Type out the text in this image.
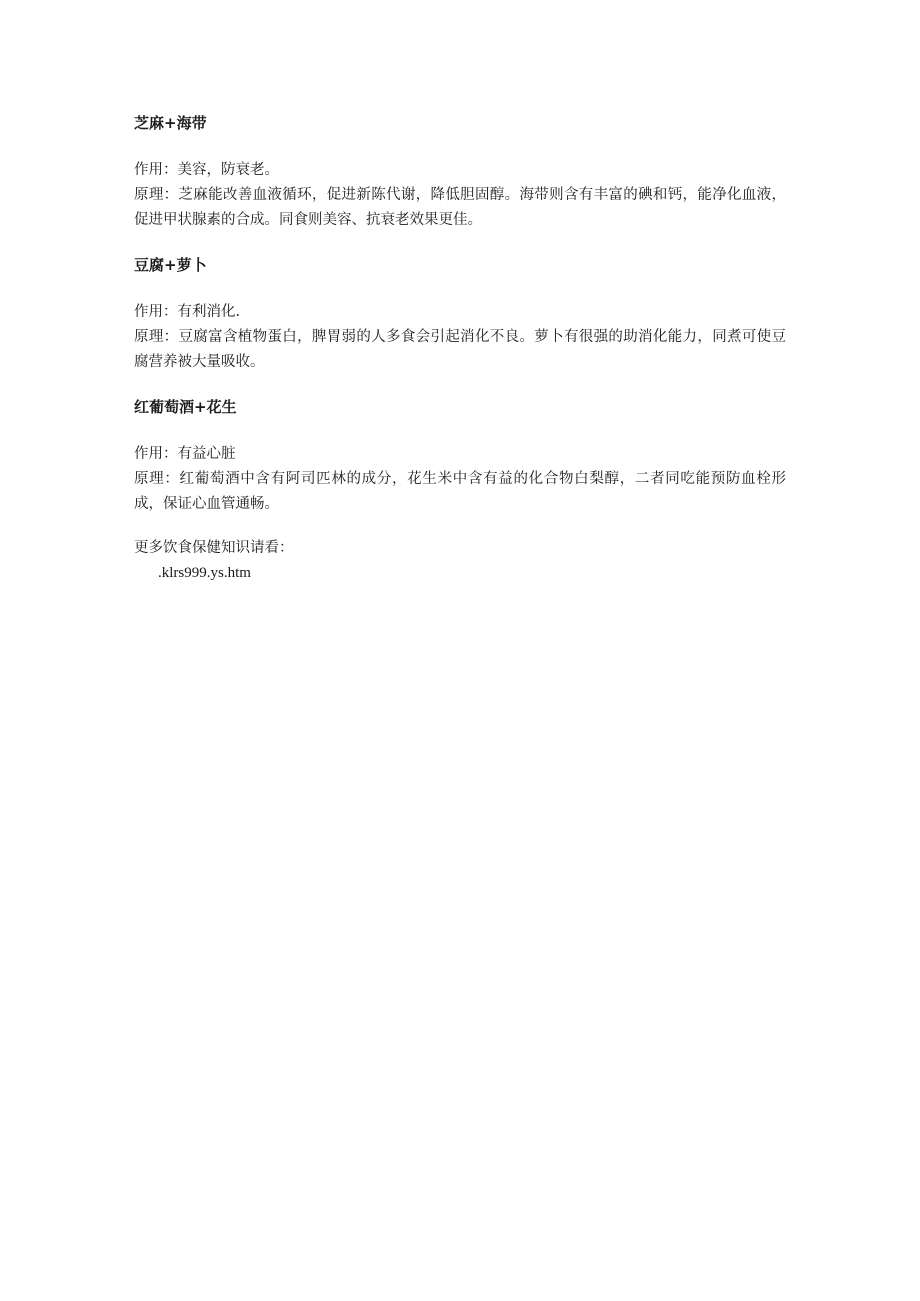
芝麻+海带

作用：美容，防衰老。

原理：芝麻能改善血液循环，促进新陈代谢，降低胆固醇。海带则含有丰富的碘和钙，能净化血液，促进甲状腺素的合成。同食则美容、抗衰老效果更佳。

豆腐+萝卜

作用：有利消化.

原理：豆腐富含植物蛋白，脾胃弱的人多食会引起消化不良。萝卜有很强的助消化能力，同煮可使豆腐营养被大量吸收。

红葡萄酒+花生

作用：有益心脏

原理：红葡萄酒中含有阿司匹林的成分，花生米中含有益的化合物白梨醇，二者同吃能预防血栓形成，保证心血管通畅。

更多饮食保健知识请看：

.klrs999.ys.htm
